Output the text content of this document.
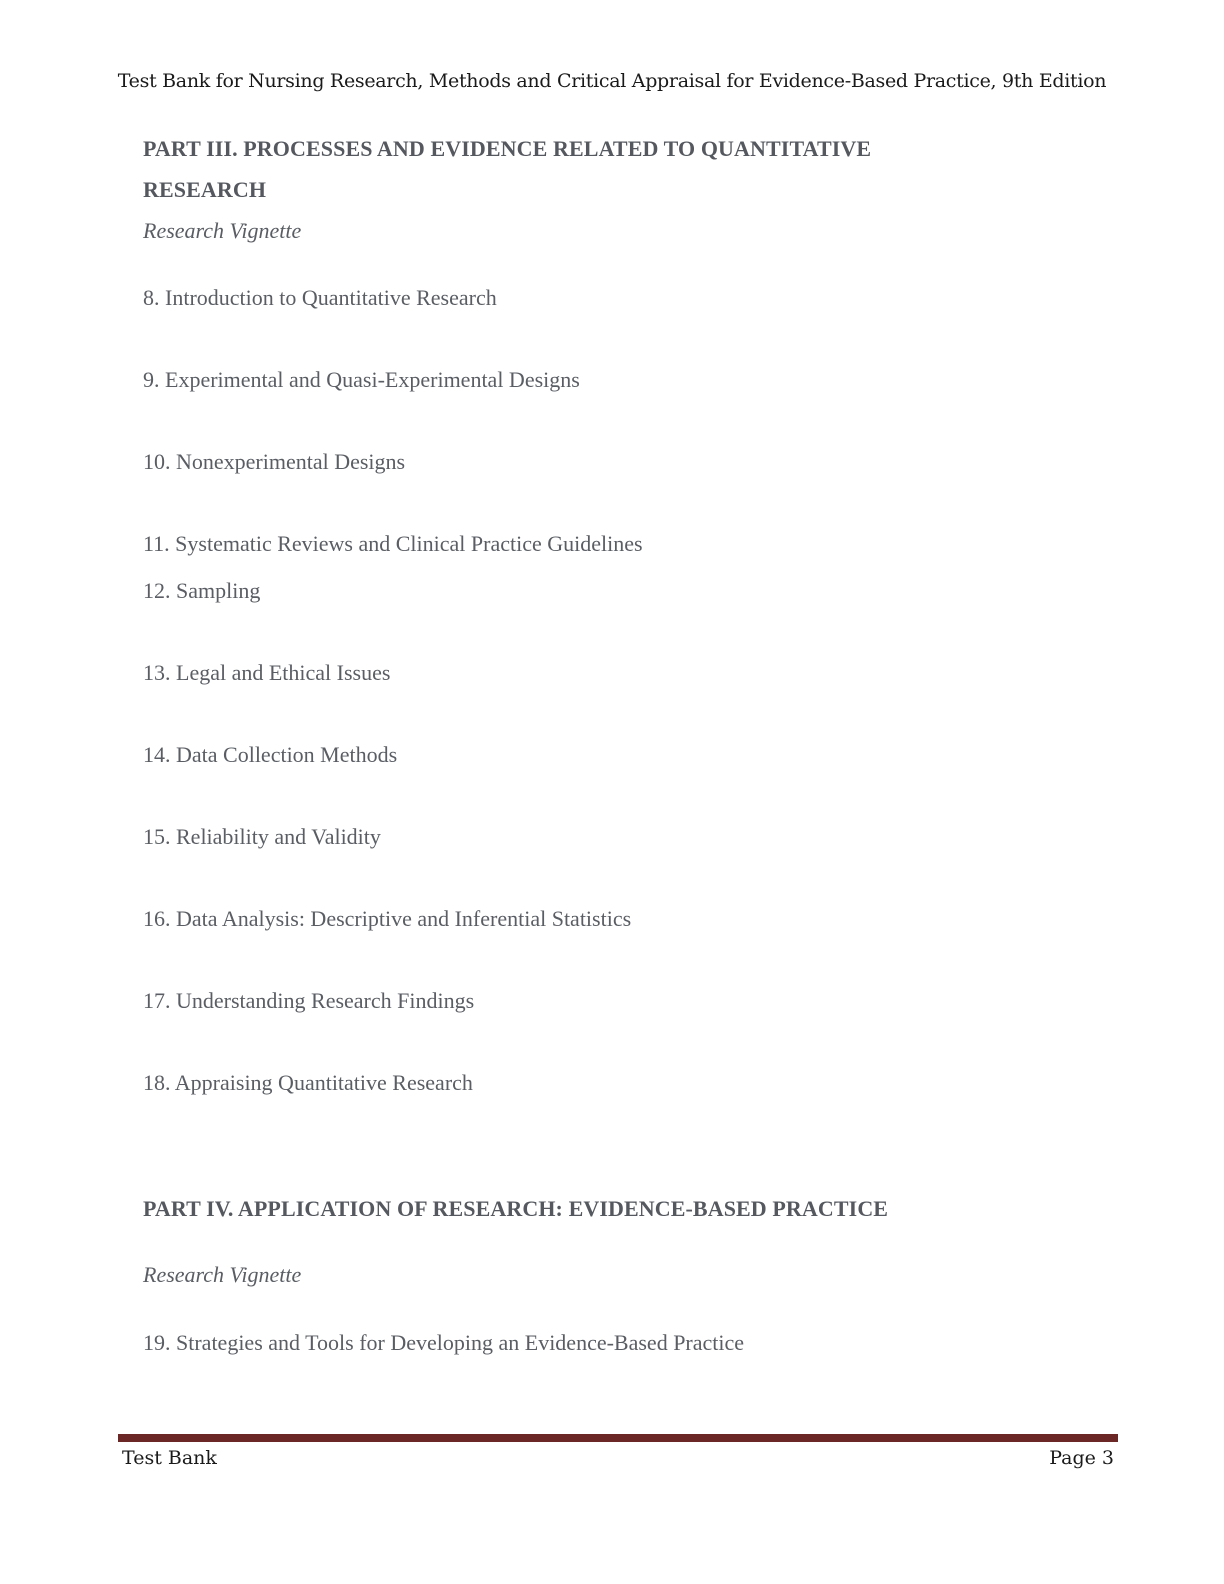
Test Bank for Nursing Research, Methods and Critical Appraisal for Evidence-Based Practice, 9th Edition
PART III. PROCESSES AND EVIDENCE RELATED TO QUANTITATIVE
RESEARCH
Research Vignette
8. Introduction to Quantitative Research
9. Experimental and Quasi-Experimental Designs
10. Nonexperimental Designs
11. Systematic Reviews and Clinical Practice Guidelines
12. Sampling
13. Legal and Ethical Issues
14. Data Collection Methods
15. Reliability and Validity
16. Data Analysis: Descriptive and Inferential Statistics
17. Understanding Research Findings
18. Appraising Quantitative Research
PART IV. APPLICATION OF RESEARCH: EVIDENCE-BASED PRACTICE
Research Vignette
19. Strategies and Tools for Developing an Evidence-Based Practice
Test Bank	Page 3
